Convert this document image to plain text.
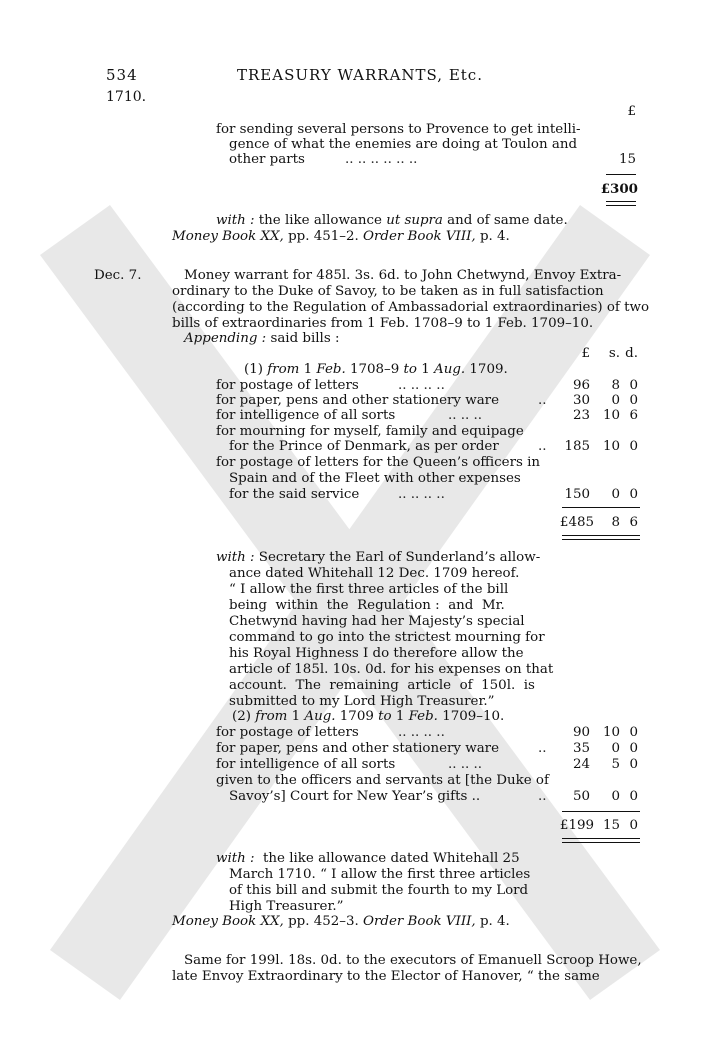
534	TREASURY WARRANTS, Etc.
1710.
£
for sending several persons to Provence to get intelli-
gence of what the enemies are doing at Toulon and
other parts	.. .. .. .. .. ..	15
£300
with : the like allowance ut supra and of same date.
Money Book XX, pp. 451–2. Order Book VIII, p. 4.
Dec. 7.	Money warrant for 485l. 3s. 6d. to John Chetwynd, Envoy Extra-
ordinary to the Duke of Savoy, to be taken as in full satisfaction
(according to the Regulation of Ambassadorial extraordinaries) of two
bills of extraordinaries from 1 Feb. 1708–9 to 1 Feb. 1709–10.
Appending : said bills :
£	s. d.
(1) from 1 Feb. 1708–9 to 1 Aug. 1709.
for postage of letters	.. .. .. ..	96	8 0
for paper, pens and other stationery ware	..	30	0 0
for intelligence of all sorts	.. .. ..	23 10 6
for mourning for myself, family and equipage
for the Prince of Denmark, as per order	..	185 10 0
for postage of letters for the Queen’s officers in
Spain and of the Fleet with other expenses
for the said service	.. .. .. ..	150	0 0
£485	8 6
with : Secretary the Earl of Sunderland’s allow-
ance dated Whitehall 12 Dec. 1709 hereof.
“ I allow the first three articles of the bill
being  within  the  Regulation :  and  Mr.
Chetwynd having had her Majesty’s special
command to go into the strictest mourning for
his Royal Highness I do therefore allow the
article of 185l. 10s. 0d. for his expenses on that
account.  The  remaining  article  of  150l.  is
submitted to my Lord High Treasurer.”
(2) from 1 Aug. 1709 to 1 Feb. 1709–10.
for postage of letters	.. .. .. ..	90 10 0
for paper, pens and other stationery ware	..	35	0 0
for intelligence of all sorts	.. .. ..	24	5 0
given to the officers and servants at [the Duke of
Savoy’s] Court for New Year’s gifts ..	..	50	0 0
£199 15 0
with :  the like allowance dated Whitehall 25
March 1710. “ I allow the first three articles
of this bill and submit the fourth to my Lord
High Treasurer.”
Money Book XX, pp. 452–3. Order Book VIII, p. 4.
Same for 199l. 18s. 0d. to the executors of Emanuell Scroop Howe,
late Envoy Extraordinary to the Elector of Hanover, “ the same
